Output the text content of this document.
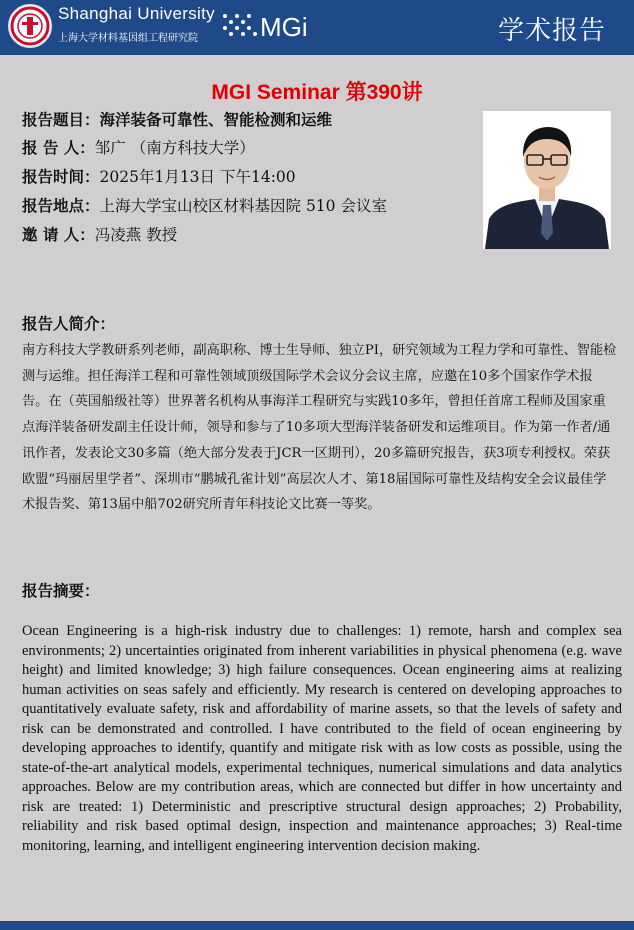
Shanghai University
上海大学材料基因组工程研究院 MGi	学术报告
MGI Seminar 第390讲
报告题目：海洋装备可靠性、智能检测和运维
报 告 人：邹广 （南方科技大学）
报告时间：2025年1月13日 下午14:00
报告地点：上海大学宝山校区材料基因院 510 会议室
邀 请 人：冯凌燕 教授
报告人简介：
南方科技大学教研系列老师，副高职称、博士生导师、独立PI，研究领域为工程力学和可靠性、智能检测与运维。担任海洋工程和可靠性领域顶级国际学术会议分会议主席，应邀在10多个国家作学术报告。在（英国船级社等）世界著名机构从事海洋工程研究与实践10多年，曾担任首席工程师及国家重点海洋装备研发副主任设计师，领导和参与了10多项大型海洋装备研发和运维项目。作为第一作者/通讯作者，发表论文30多篇（绝大部分发表于JCR一区期刊），20多篇研究报告，获3项专利授权。荣获欧盟“玛丽居里学者”、深圳市“鹏城孔雀计划”高层次人才、第18届国际可靠性及结构安全会议最佳学术报告奖、第13届中船702研究所青年科技论文比赛一等奖。
报告摘要：
Ocean Engineering is a high-risk industry due to challenges: 1) remote, harsh and complex sea environments; 2) uncertainties originated from inherent variabilities in physical phenomena (e.g. wave height) and limited knowledge; 3) high failure consequences. Ocean engineering aims at realizing human activities on seas safely and efficiently. My research is centered on developing approaches to quantitatively evaluate safety, risk and affordability of marine assets, so that the levels of safety and risk can be demonstrated and controlled. I have contributed to the field of ocean engineering by developing approaches to identify, quantify and mitigate risk with as low costs as possible, using the state-of-the-art analytical models, experimental techniques, numerical simulations and data analytics approaches. Below are my contribution areas, which are connected but differ in how uncertainty and risk are treated: 1) Deterministic and prescriptive structural design approaches; 2) Probability, reliability and risk based optimal design, inspection and maintenance approaches; 3) Real-time monitoring, learning, and intelligent engineering intervention decision making.
